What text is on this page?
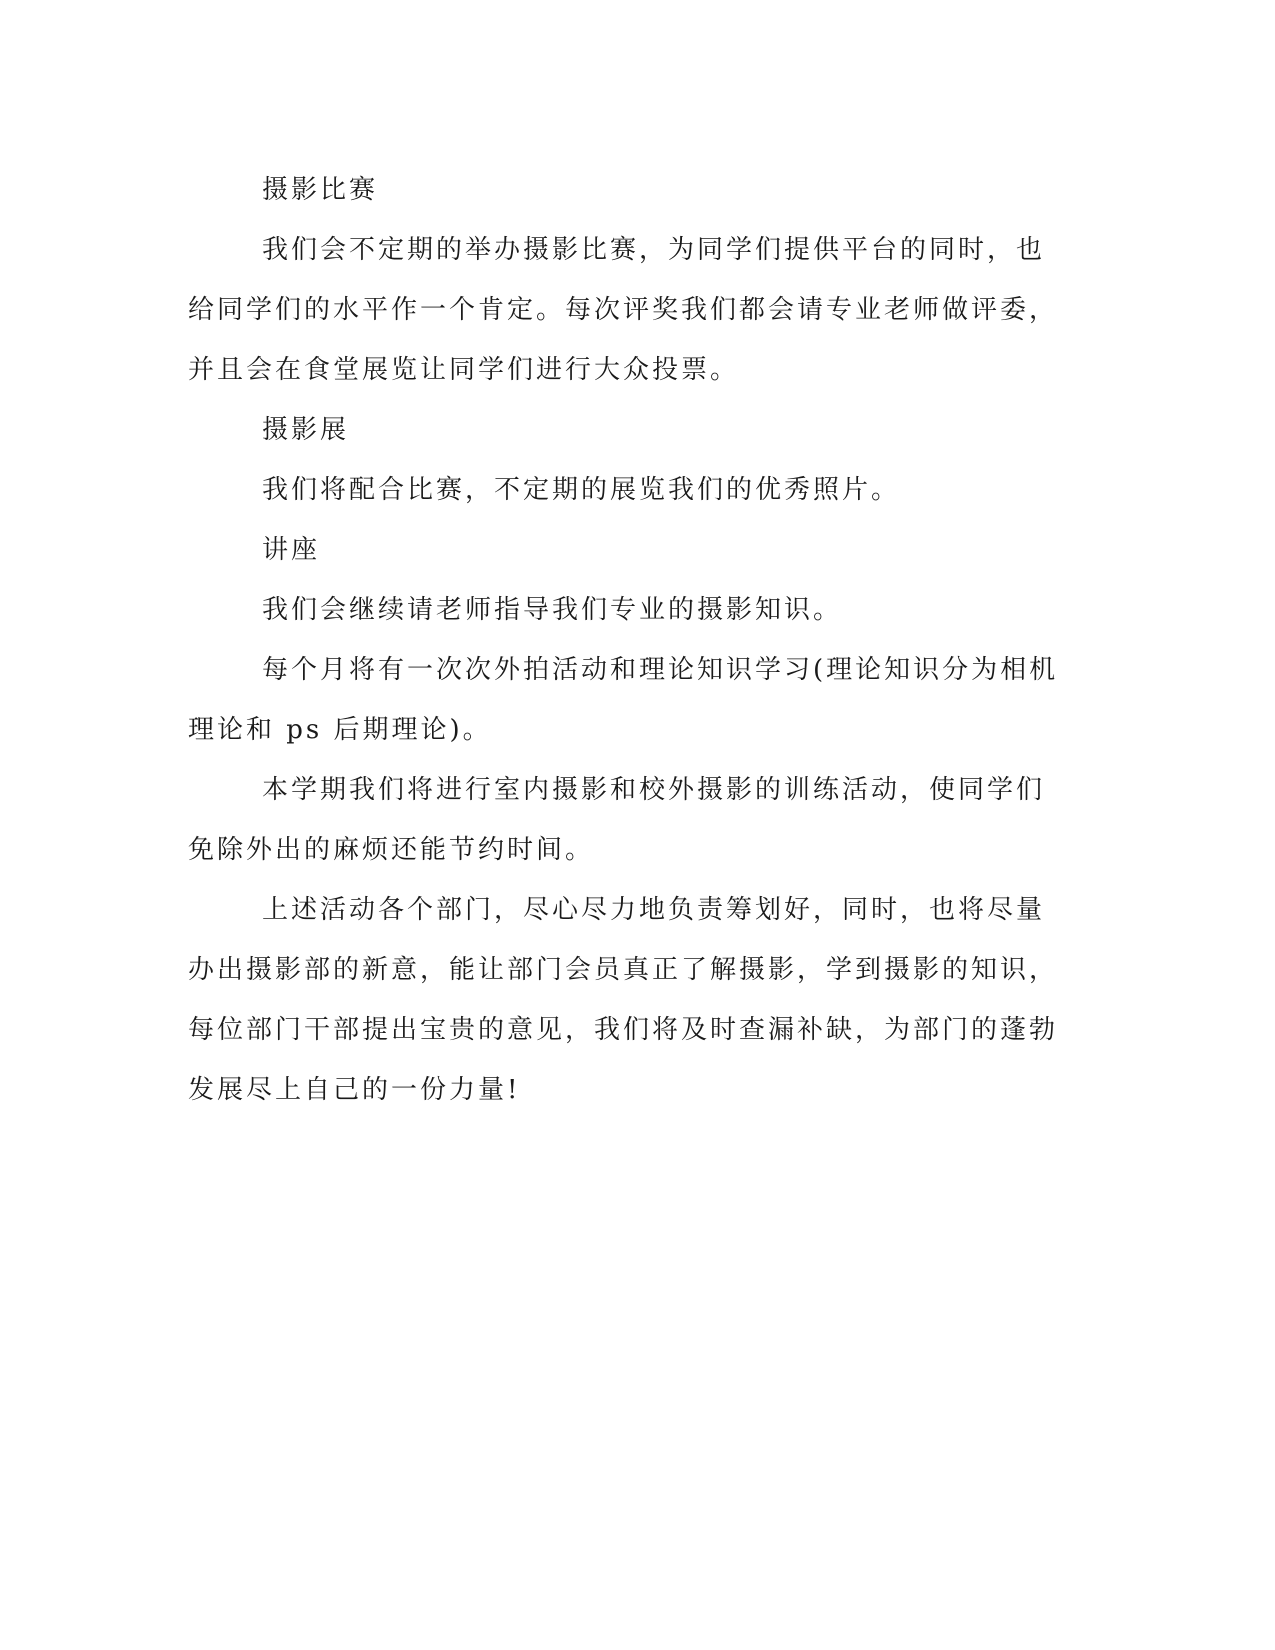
摄影比赛

我们会不定期的举办摄影比赛，为同学们提供平台的同时，也给同学们的水平作一个肯定。每次评奖我们都会请专业老师做评委，并且会在食堂展览让同学们进行大众投票。

摄影展

我们将配合比赛，不定期的展览我们的优秀照片。

讲座

我们会继续请老师指导我们专业的摄影知识。

每个月将有一次次外拍活动和理论知识学习(理论知识分为相机理论和 ps 后期理论)。

本学期我们将进行室内摄影和校外摄影的训练活动，使同学们免除外出的麻烦还能节约时间。

上述活动各个部门，尽心尽力地负责筹划好，同时，也将尽量办出摄影部的新意，能让部门会员真正了解摄影，学到摄影的知识，每位部门干部提出宝贵的意见，我们将及时查漏补缺，为部门的蓬勃发展尽上自己的一份力量!
